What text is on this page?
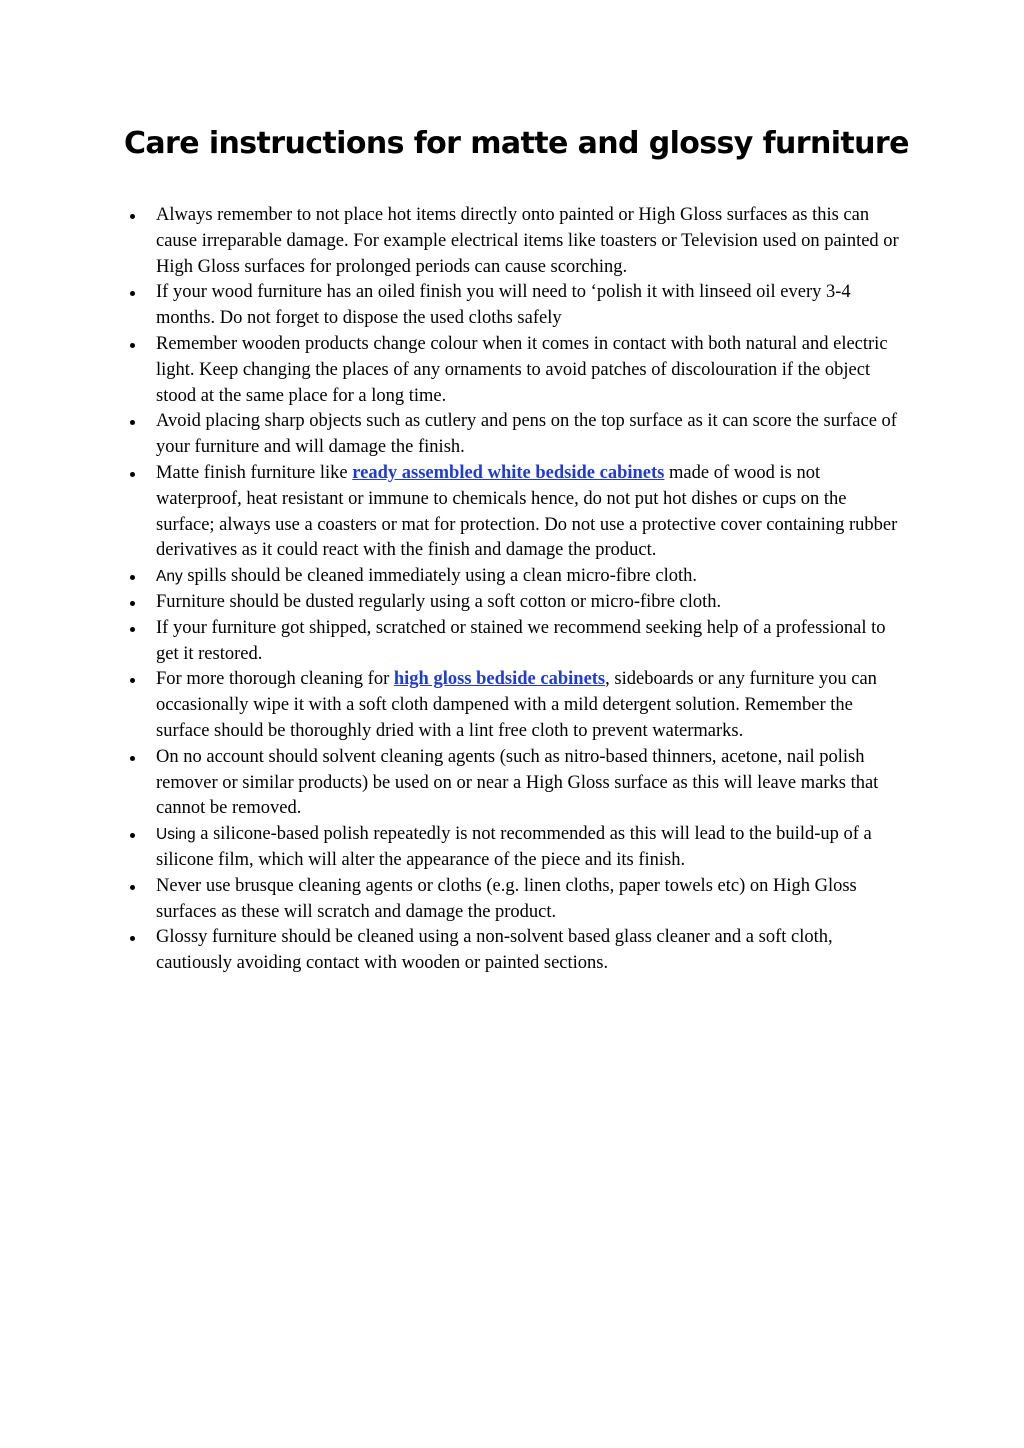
Care instructions for matte and glossy furniture
Always remember to not place hot items directly onto painted or High Gloss surfaces as this can cause irreparable damage. For example electrical items like toasters or Television used on painted or High Gloss surfaces for prolonged periods can cause scorching.
If your wood furniture has an oiled finish you will need to ‘polish it with linseed oil every 3-4 months. Do not forget to dispose the used cloths safely
Remember wooden products change colour when it comes in contact with both natural and electric light. Keep changing the places of any ornaments to avoid patches of discolouration if the object stood at the same place for a long time.
Avoid placing sharp objects such as cutlery and pens on the top surface as it can score the surface of your furniture and will damage the finish.
Matte finish furniture like ready assembled white bedside cabinets made of wood is not waterproof, heat resistant or immune to chemicals hence, do not put hot dishes or cups on the surface; always use a coasters or mat for protection. Do not use a protective cover containing rubber derivatives as it could react with the finish and damage the product.
Any spills should be cleaned immediately using a clean micro-fibre cloth.
Furniture should be dusted regularly using a soft cotton or micro-fibre cloth.
If your furniture got shipped, scratched or stained we recommend seeking help of a professional to get it restored.
For more thorough cleaning for high gloss bedside cabinets, sideboards or any furniture you can occasionally wipe it with a soft cloth dampened with a mild detergent solution. Remember the surface should be thoroughly dried with a lint free cloth to prevent watermarks.
On no account should solvent cleaning agents (such as nitro-based thinners, acetone, nail polish remover or similar products) be used on or near a High Gloss surface as this will leave marks that cannot be removed.
Using a silicone-based polish repeatedly is not recommended as this will lead to the build-up of a silicone film, which will alter the appearance of the piece and its finish.
Never use brusque cleaning agents or cloths (e.g. linen cloths, paper towels etc) on High Gloss surfaces as these will scratch and damage the product.
Glossy furniture should be cleaned using a non-solvent based glass cleaner and a soft cloth, cautiously avoiding contact with wooden or painted sections.
